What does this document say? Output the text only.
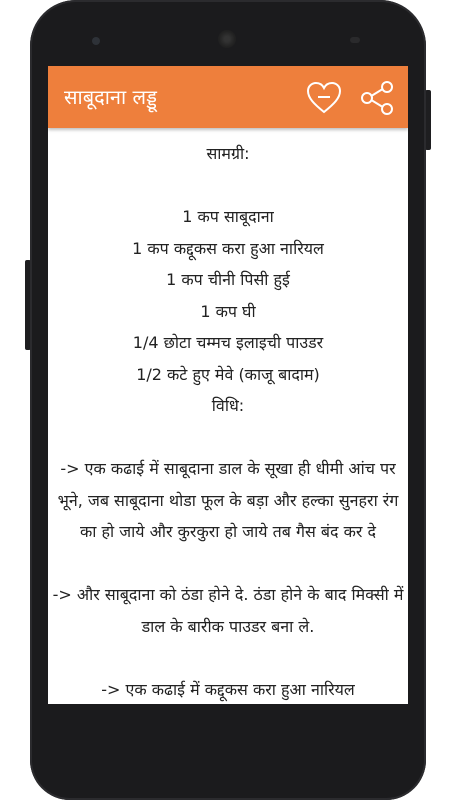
साबूदाना लड्डू
सामग्री:
1 कप साबूदाना
1 कप कद्दूकस करा हुआ नारियल
1 कप चीनी पिसी हुई
1 कप घी
1/4 छोटा चम्मच इलाइची पाउडर
1/2 कटे हुए मेवे (काजू बादाम)
विधि:
-> एक कढाई में साबूदाना डाल के सूखा ही धीमी आंच पर भूने, जब साबूदाना थोडा फूल के बड़ा और हल्का सुनहरा रंग का हो जाये और कुरकुरा हो जाये तब गैस बंद कर दे
-> और साबूदाना को ठंडा होने दे. ठंडा होने के बाद मिक्सी में डाल के बारीक पाउडर बना ले.
-> एक कढाई में कद्दूकस करा हुआ नारियल
